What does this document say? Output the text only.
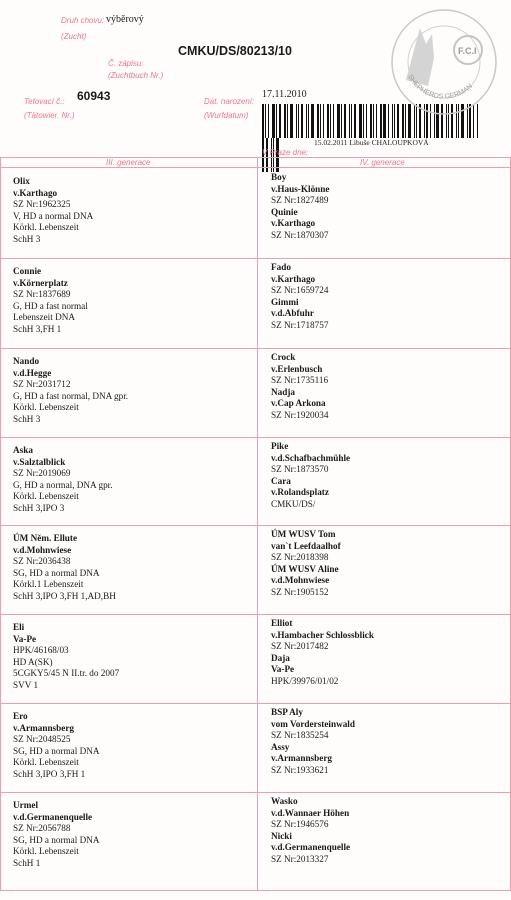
Druh chovu:
(Zucht)
výběrový
CMKU/DS/80213/10
Č. zápisu:
(Zuchtbuch Nr.)
Tetovací č.:
(Tätowier. Nr.)
60943	Dat. narození:
(Wurfdatum)
17.11.2010
15.02.2011 Libuše CHALOUPKOVÁ
V Praze dne:
F.C.I
SHEPHERDS GERMAN
III. generace	IV. generace
Olix
v.Karthago
SZ Nr:1962325
V, HD a normal DNA
Körkl. Lebenszeit
SchH 3
Boy
v.Haus-Klönne
SZ Nr:1827489
Quinie
v.Karthago
SZ Nr:1870307
Connie
v.Körnerplatz
SZ Nr:1837689
G, HD a fast normal
Lebenszeit DNA
SchH 3,FH 1
Fado
v.Karthago
SZ Nr:1659724
Gimmi
v.d.Abfuhr
SZ Nr:1718757
Nando
v.d.Hegge
SZ Nr:2031712
G, HD a fast normal, DNA gpr.
Körkl. Lebenszeit
SchH 3
Crock
v.Erlenbusch
SZ Nr:1735116
Nadja
v.Cap Arkona
SZ Nr:1920034
Aska
v.Salztalblick
SZ Nr:2019069
G, HD a normal, DNA gpr.
Körkl. Lebenszeit
SchH 3,IPO 3
Pike
v.d.Schafbachmühle
SZ Nr:1873570
Cara
v.Rolandsplatz
CMKU/DS/
ÚM Něm. Ellute
v.d.Mohnwiese
SZ Nr:2036438
SG, HD a normal DNA
Körkl.1 Lebenszeit
SchH 3,IPO 3,FH 1,AD,BH
ÚM WUSV Tom
van`t Leefdaalhof
SZ Nr:2018398
ÚM WUSV Aline
v.d.Mohnwiese
SZ Nr:1905152
Eli
Va-Pe
HPK/46168/03
HD A(SK)
5CGKY5/45 N II.tr. do 2007
SVV 1
Elliot
v.Hambacher Schlossblick
SZ Nr:2017482
Daja
Va-Pe
HPK/39976/01/02
Ero
v.Armannsberg
SZ Nr:2048525
SG, HD a normal DNA
Körkl. Lebenszeit
SchH 3,IPO 3,FH 1
BSP Aly
vom Vordersteinwald
SZ Nr:1835254
Assy
v.Armannsberg
SZ Nr:1933621
Urmel
v.d.Germanenquelle
SZ Nr:2056788
SG, HD a normal DNA
Körkl. Lebenszeit
SchH 1
Wasko
v.d.Wannaer Höhen
SZ Nr:1946576
Nicki
v.d.Germanenquelle
SZ Nr:2013327
